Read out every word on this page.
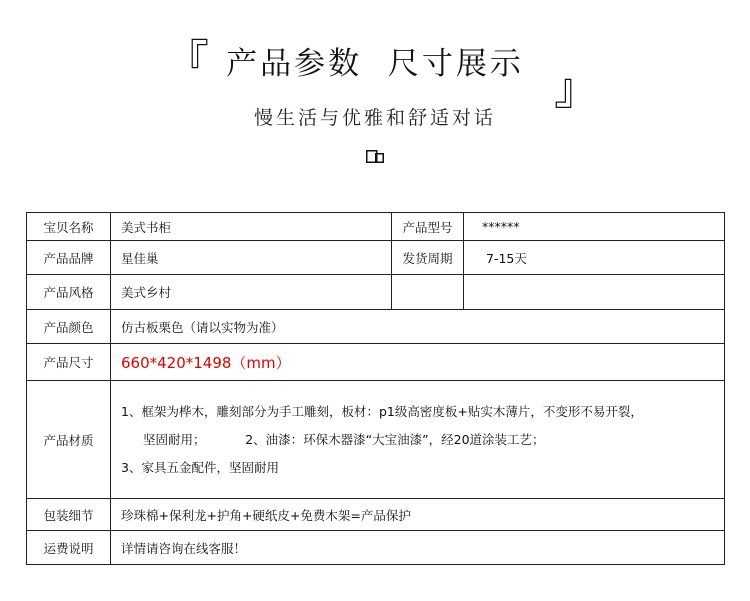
『
』
产品参数  尺寸展示
慢生活与优雅和舒适对话
宝贝名称	美式书柜	产品型号	******
产品品牌	星佳巢	发货周期	7-15天
产品风格	美式乡村		
产品颜色	仿古板栗色（请以实物为准）		
产品尺寸	660*420*1498（mm）		
产品材质	1、框架为桦木，雕刻部分为手工雕刻，板材：p1级高密度板+贴实木薄片，不变形不易开裂，
坚固耐用；          2、油漆：环保木器漆“大宝油漆”，经20道涂装工艺；
3、家具五金配件，坚固耐用		

包装细节	珍珠棉+保利龙+护角+硬纸皮+免费木架=产品保护		
运费说明	详情请咨询在线客服！		
